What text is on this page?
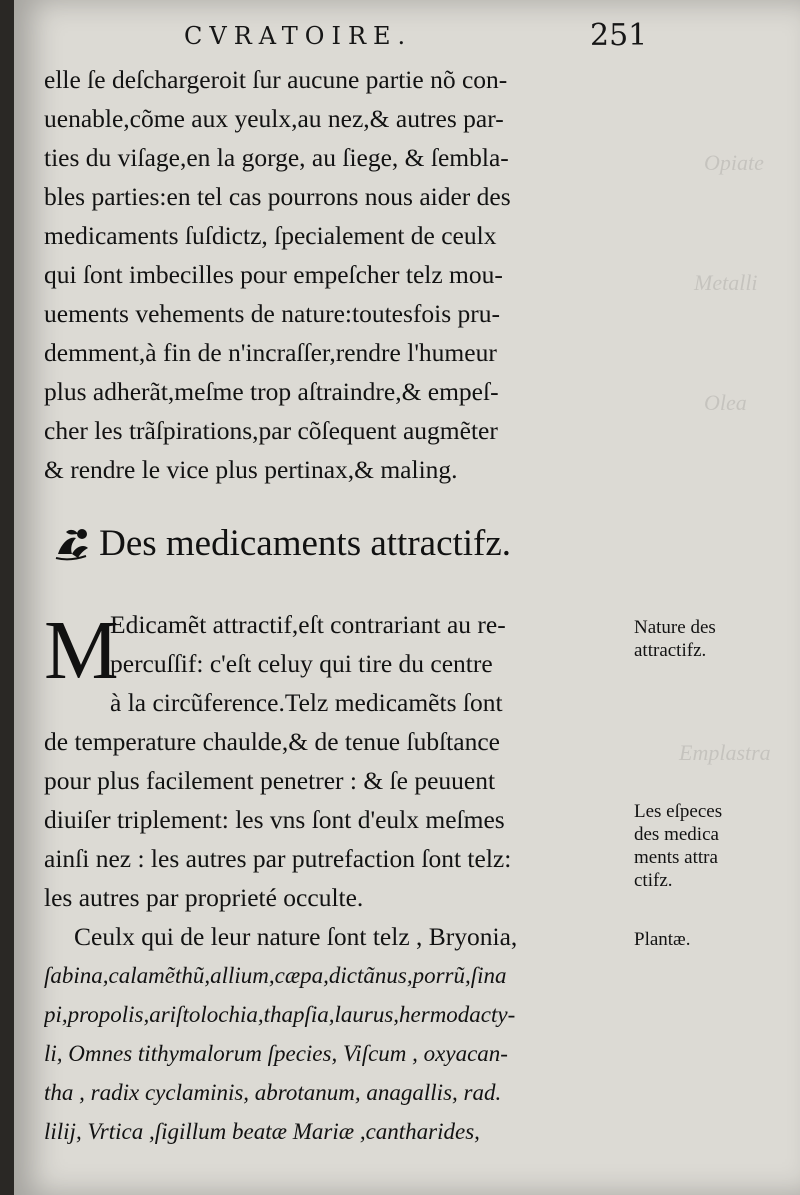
Opiate
Metalli
Olea
Emplastra
CVRATOIRE.	251
elle ſe deſchargeroit ſur aucune partie nõ con-
uenable,cõme aux yeulx,au nez,& autres par-
ties du viſage,en la gorge, au ſiege, & ſembla-
bles parties:en tel cas pourrons nous aider des
medicaments ſuſdictz, ſpecialement de ceulx
qui ſont imbecilles pour empeſcher telz mou-
uements vehements de nature:toutesfois pru-
demment,à fin de n'incraſſer,rendre l'humeur
plus adherãt,meſme trop aſtraindre,& empeſ-
cher les trãſpirations,par cõſequent augmẽter
& rendre le vice plus pertinax,& maling.
Des medicaments attractifz.
M
Edicamẽt attractif,eſt contrariant au re-
percuſſif: c'eſt celuy qui tire du centre
à la circũference.Telz medicamẽts ſont
de temperature chaulde,& de tenue ſubſtance
pour plus facilement penetrer : & ſe peuuent
diuiſer triplement: les vns ſont d'eulx meſmes
ainſi nez : les autres par putrefaction ſont telz:
les autres par proprieté occulte.
Ceulx qui de leur nature ſont telz , Bryonia,
ſabina,calamẽthũ,allium,cæpa,dictãnus,porrũ,ſina
pi,propolis,ariſtolochia,thapſia,laurus,hermodacty-
li, Omnes tithymalorum ſpecies, Viſcum , oxyacan-
tha , radix cyclaminis, abrotanum, anagallis, rad.
lilij, Vrtica ,ſigillum beatæ Mariæ ,cantharides,
Nature des
attractifz.
Les eſpeces
des medica
ments attra
ctifz.
Plantæ.
